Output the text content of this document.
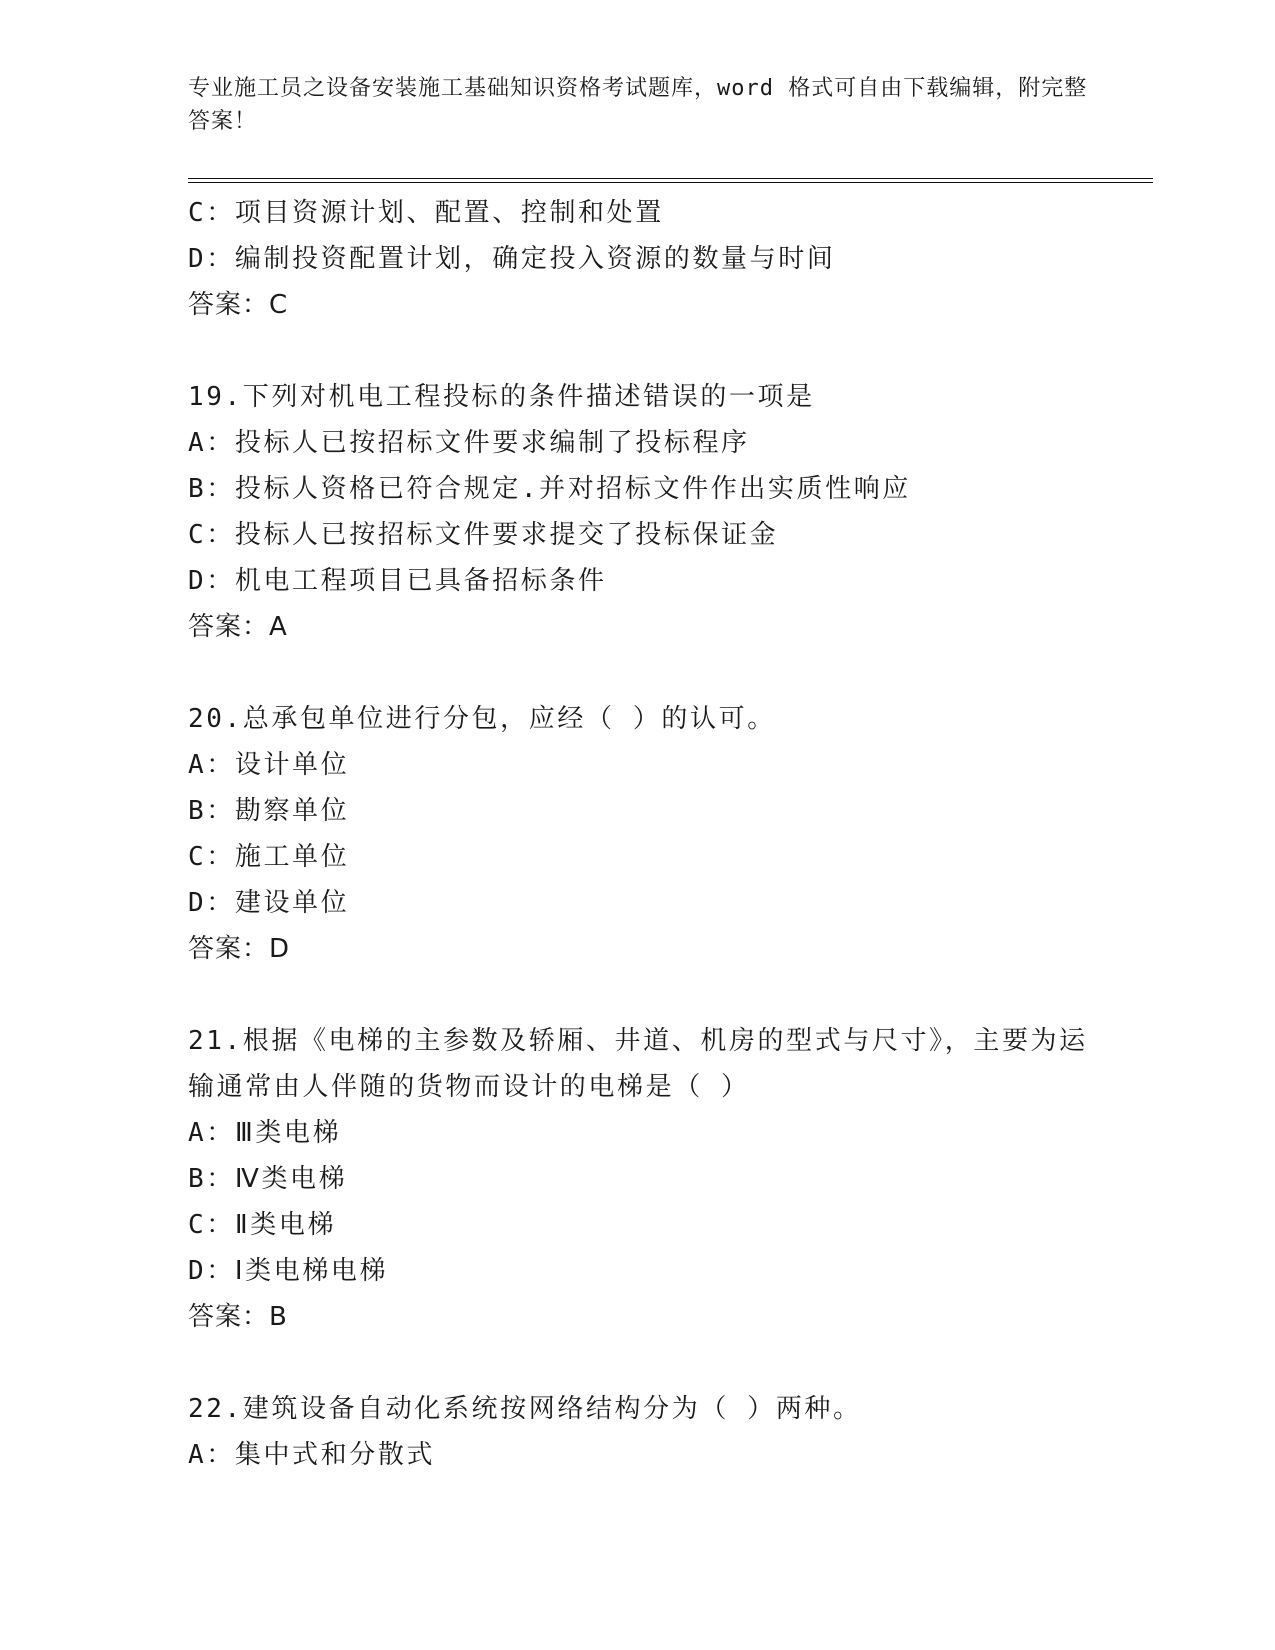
专业施工员之设备安装施工基础知识资格考试题库，word 格式可自由下载编辑，附完整答案！
C：项目资源计划、配置、控制和处置
D：编制投资配置计划，确定投入资源的数量与时间
答案：C
19.下列对机电工程投标的条件描述错误的一项是
A：投标人已按招标文件要求编制了投标程序
B：投标人资格已符合规定.并对招标文件作出实质性响应
C：投标人已按招标文件要求提交了投标保证金
D：机电工程项目已具备招标条件
答案：A
20.总承包单位进行分包，应经（ ）的认可。
A：设计单位
B：勘察单位
C：施工单位
D：建设单位
答案：D
21.根据《电梯的主参数及轿厢、井道、机房的型式与尺寸》，主要为运输通常由人伴随的货物而设计的电梯是（ ）
A：Ⅲ类电梯
B：Ⅳ类电梯
C：Ⅱ类电梯
D：Ⅰ类电梯电梯
答案：B
22.建筑设备自动化系统按网络结构分为（ ）两种。
A：集中式和分散式
